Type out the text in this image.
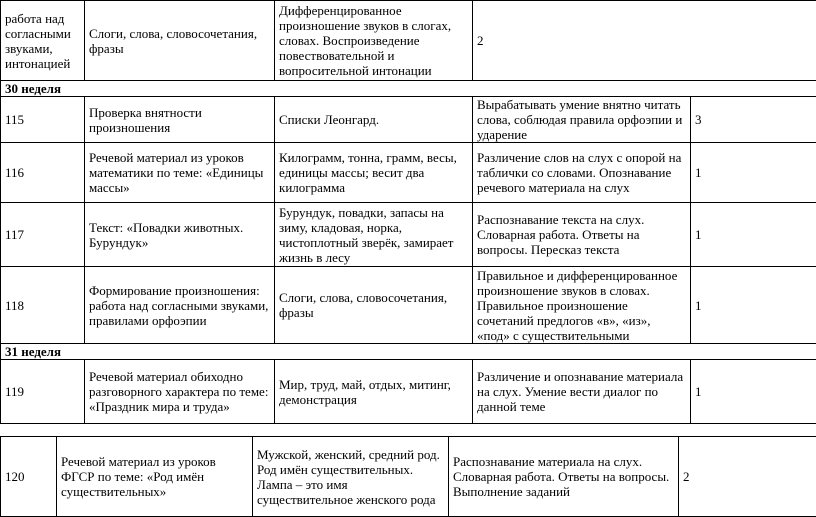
работа над согласными звуками, интонацией	Слоги, слова, словосочетания, фразы	Дифференцированное произношение звуков в слогах, словах. Воспроизведение повествовательной и вопросительной интонации	2	
30 неделя				
115	Проверка внятности произношения	Списки Леонгард.	Вырабатывать умение внятно читать слова, соблюдая правила орфоэпии и ударение	3
116	Речевой материал из уроков математики по теме: «Единицы массы»	Килограмм, тонна, грамм, весы, единицы массы; весит два килограмма	Различение слов на слух с опорой на таблички со словами. Опознавание речевого материала на слух	1
117	Текст: «Повадки животных. Бурундук»	Бурундук, повадки, запасы на зиму, кладовая, норка, чистоплотный зверёк, замирает жизнь в лесу	Распознавание текста на слух. Словарная работа. Ответы на вопросы. Пересказ текста	1
118	Формирование произношения: работа над согласными звуками, правилами орфоэпии	Слоги, слова, словосочетания, фразы	Правильное и дифференцированное произношение звуков в словах. Правильное произношение сочетаний предлогов «в», «из», «под» с существительными	1
31 неделя				
119	Речевой материал обиходно разговорного характера по теме: «Праздник мира и труда»	Мир, труд, май, отдых, митинг, демонстрация	Различение и опознавание материала на слух. Умение вести диалог по данной теме	1
120	Речевой материал из уроков ФГСР по теме: «Род имён существительных»	Мужской, женский, средний род. Род имён существительных. Лампа – это имя существительное женского рода	Распознавание материала на слух. Словарная работа. Ответы на вопросы. Выполнение заданий	2
